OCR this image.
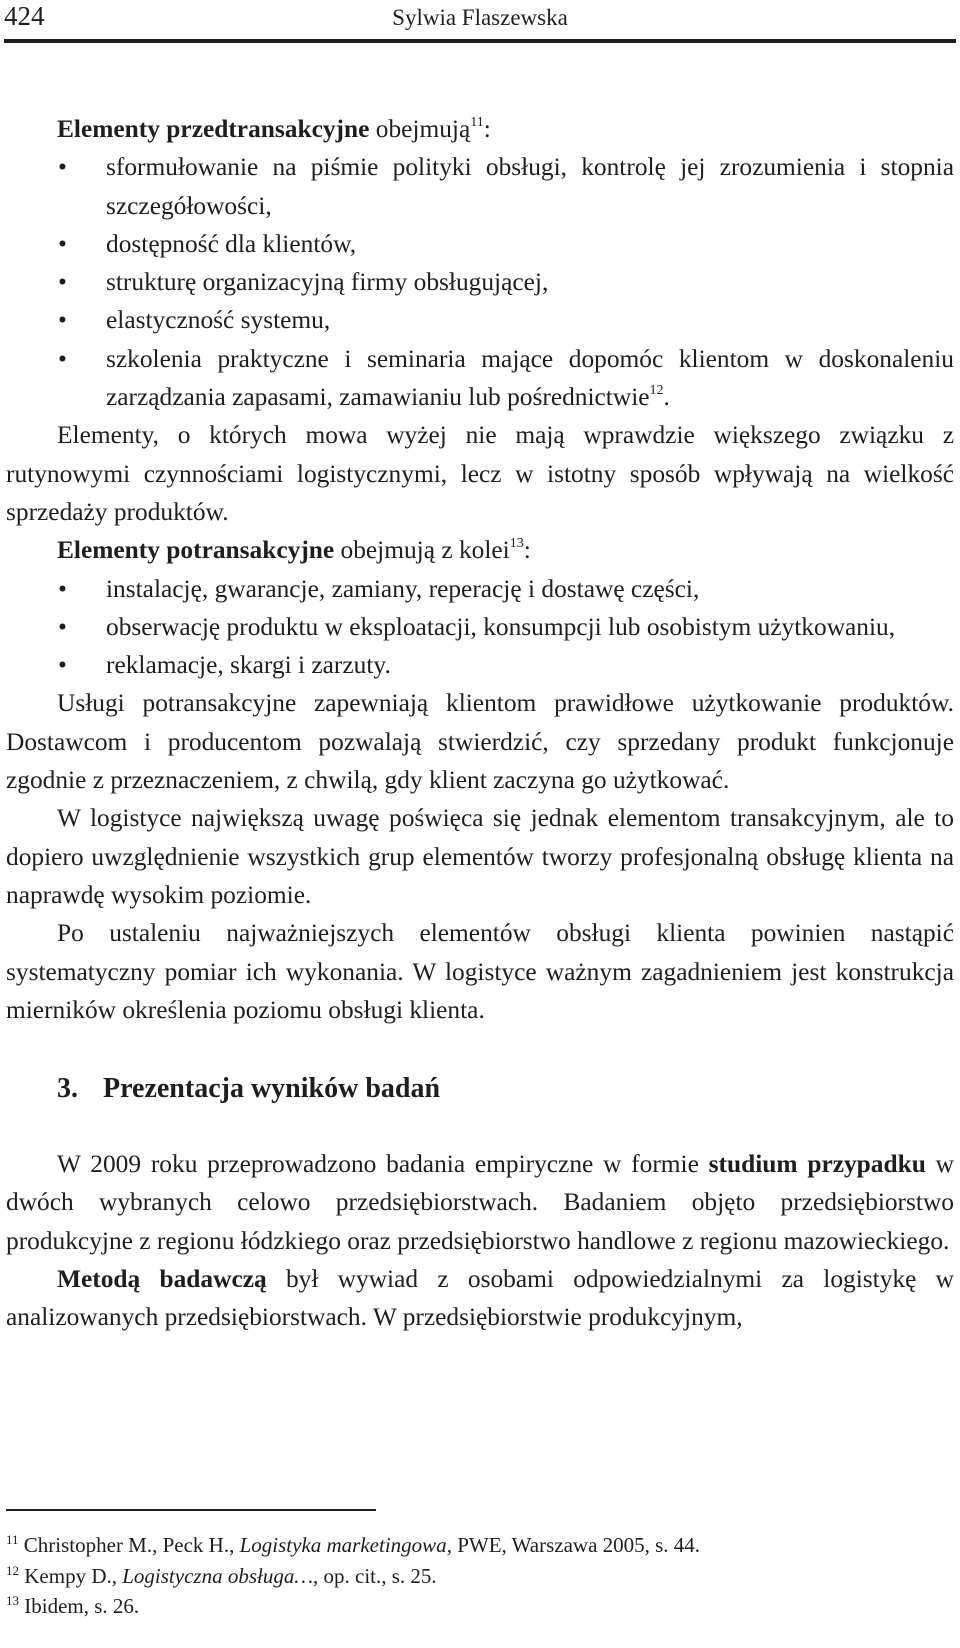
424	Sylwia Flaszewska

Elementy przedtransakcyjne obejmują$^{11}$:

• sformułowanie na piśmie polityki obsługi, kontrolę jej zrozumienia i stopnia szczegółowości,
• dostępność dla klientów,
• strukturę organizacyjną firmy obsługującej,
• elastyczność systemu,
• szkolenia praktyczne i seminaria mające dopomóc klientom w doskonaleniu zarządzania zapasami, zamawianiu lub pośrednictwie$^{12}$.

Elementy, o których mowa wyżej nie mają wprawdzie większego związku z rutynowymi czynnościami logistycznymi, lecz w istotny sposób wpływają na wielkość sprzedaży produktów.

Elementy potransakcyjne obejmują z kolei$^{13}$:

• instalację, gwarancje, zamiany, reperację i dostawę części,
• obserwację produktu w eksploatacji, konsumpcji lub osobistym użytkowaniu,
• reklamacje, skargi i zarzuty.

Usługi potransakcyjne zapewniają klientom prawidłowe użytkowanie produktów. Dostawcom i producentom pozwalają stwierdzić, czy sprzedany produkt funkcjonuje zgodnie z przeznaczeniem, z chwilą, gdy klient zaczyna go użytkować.

W logistyce największą uwagę poświęca się jednak elementom transakcyjnym, ale to dopiero uwzględnienie wszystkich grup elementów tworzy profesjonalną obsługę klienta na naprawdę wysokim poziomie.

Po ustaleniu najważniejszych elementów obsługi klienta powinien nastąpić systematyczny pomiar ich wykonania. W logistyce ważnym zagadnieniem jest konstrukcja mierników określenia poziomu obsługi klienta.

3. Prezentacja wyników badań

W 2009 roku przeprowadzono badania empiryczne w formie studium przypadku w dwóch wybranych celowo przedsiębiorstwach. Badaniem objęto przedsiębiorstwo produkcyjne z regionu łódzkiego oraz przedsiębiorstwo handlowe z regionu mazowieckiego.

Metodą badawczą był wywiad z osobami odpowiedzialnymi za logistykę w analizowanych przedsiębiorstwach. W przedsiębiorstwie produkcyjnym,

$^{11}$ Christopher M., Peck H., Logistyka marketingowa, PWE, Warszawa 2005, s. 44.
$^{12}$ Kempy D., Logistyczna obsługa…, op. cit., s. 25.
$^{13}$ Ibidem, s. 26.
